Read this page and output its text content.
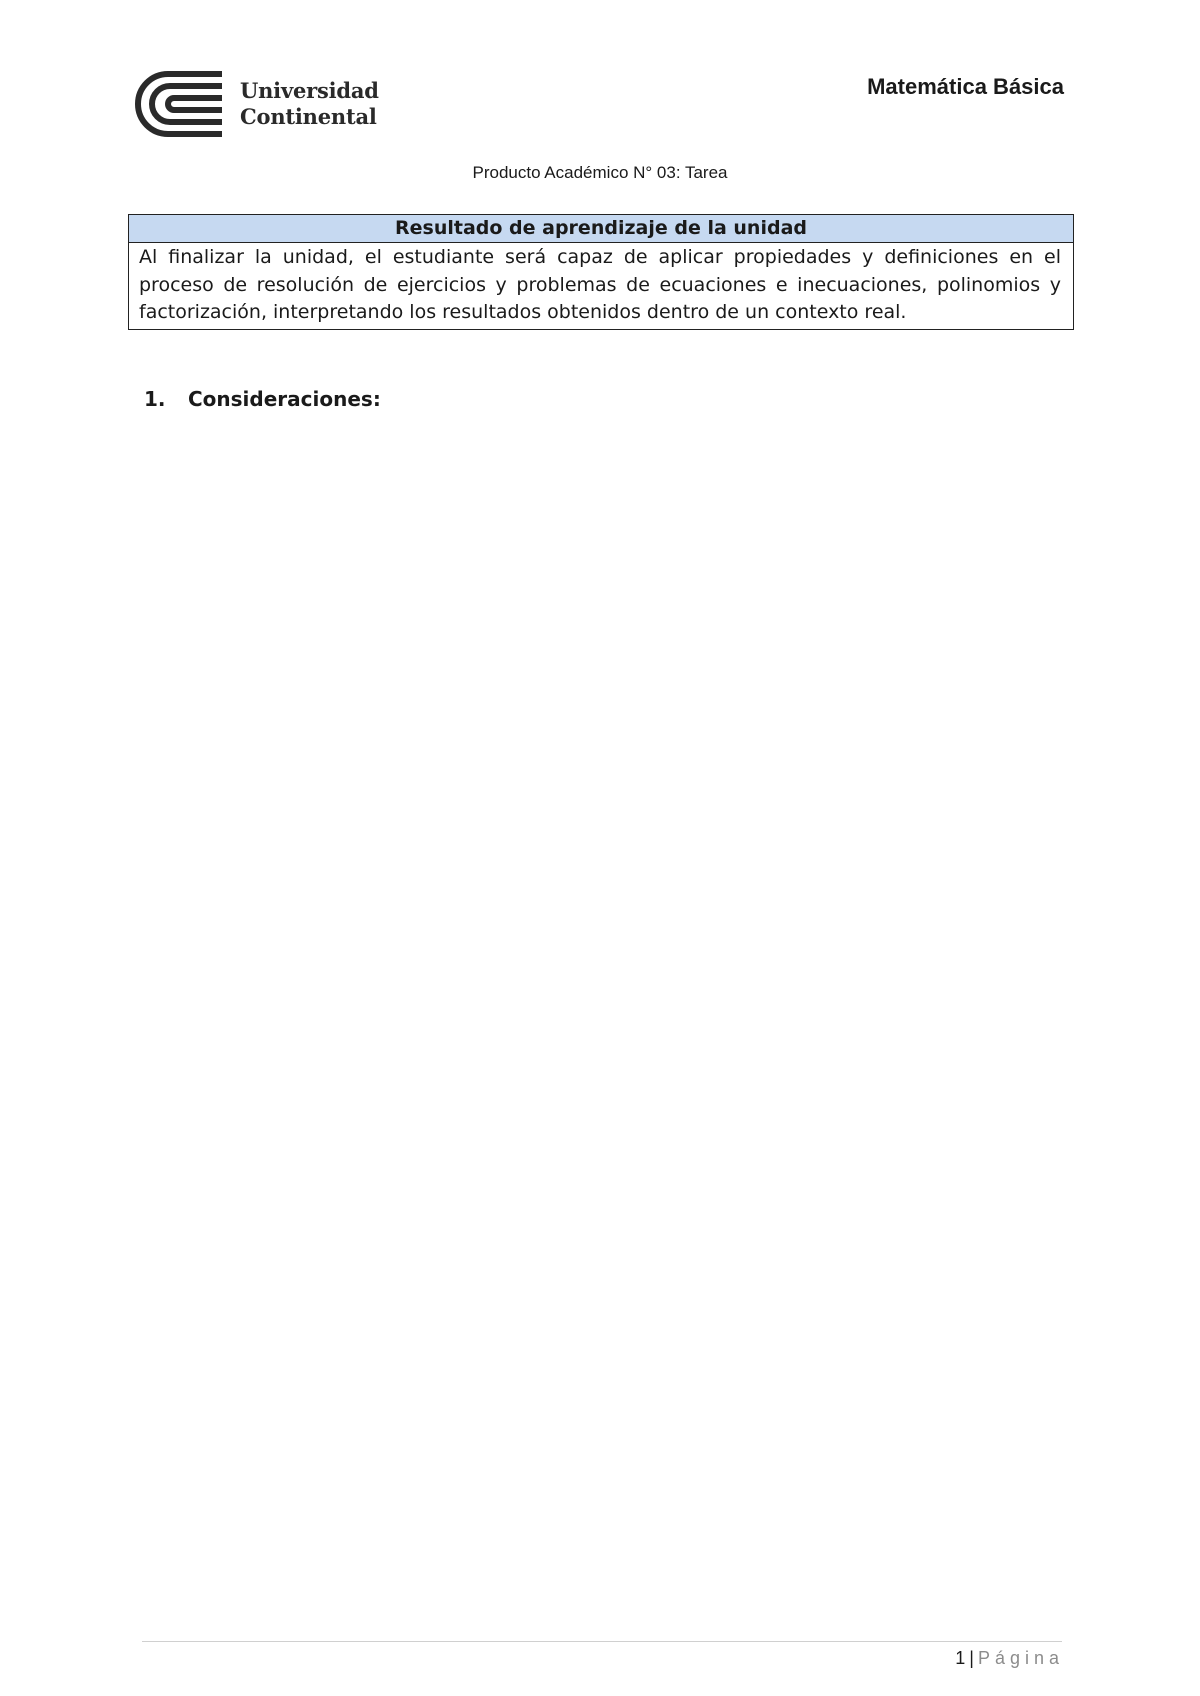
Universidad
Continental
Matemática Básica
Producto Académico N° 03: Tarea
Resultado de aprendizaje de la unidad
Al finalizar la unidad, el estudiante será capaz de aplicar propiedades y definiciones en el proceso de resolución de ejercicios y problemas de ecuaciones e inecuaciones, polinomios y factorización, interpretando los resultados obtenidos dentro de un contexto real.
1.	Consideraciones:
1 | Página
